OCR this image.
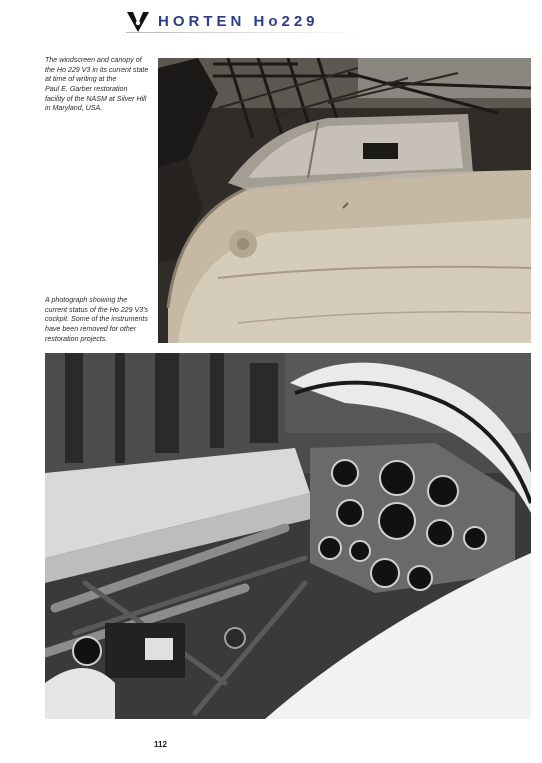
HORTEN Ho229
The windscreen and canopy of
the Ho 229 V3 in its current state
at time of writing at the
Paul E. Garber restoration
facility of the NASM at Silver Hill
in Maryland, USA.
A photograph showing the
current status of the Ho 229 V3's
cockpit. Some of the instruments
have been removed for other
restoration projects.
112
